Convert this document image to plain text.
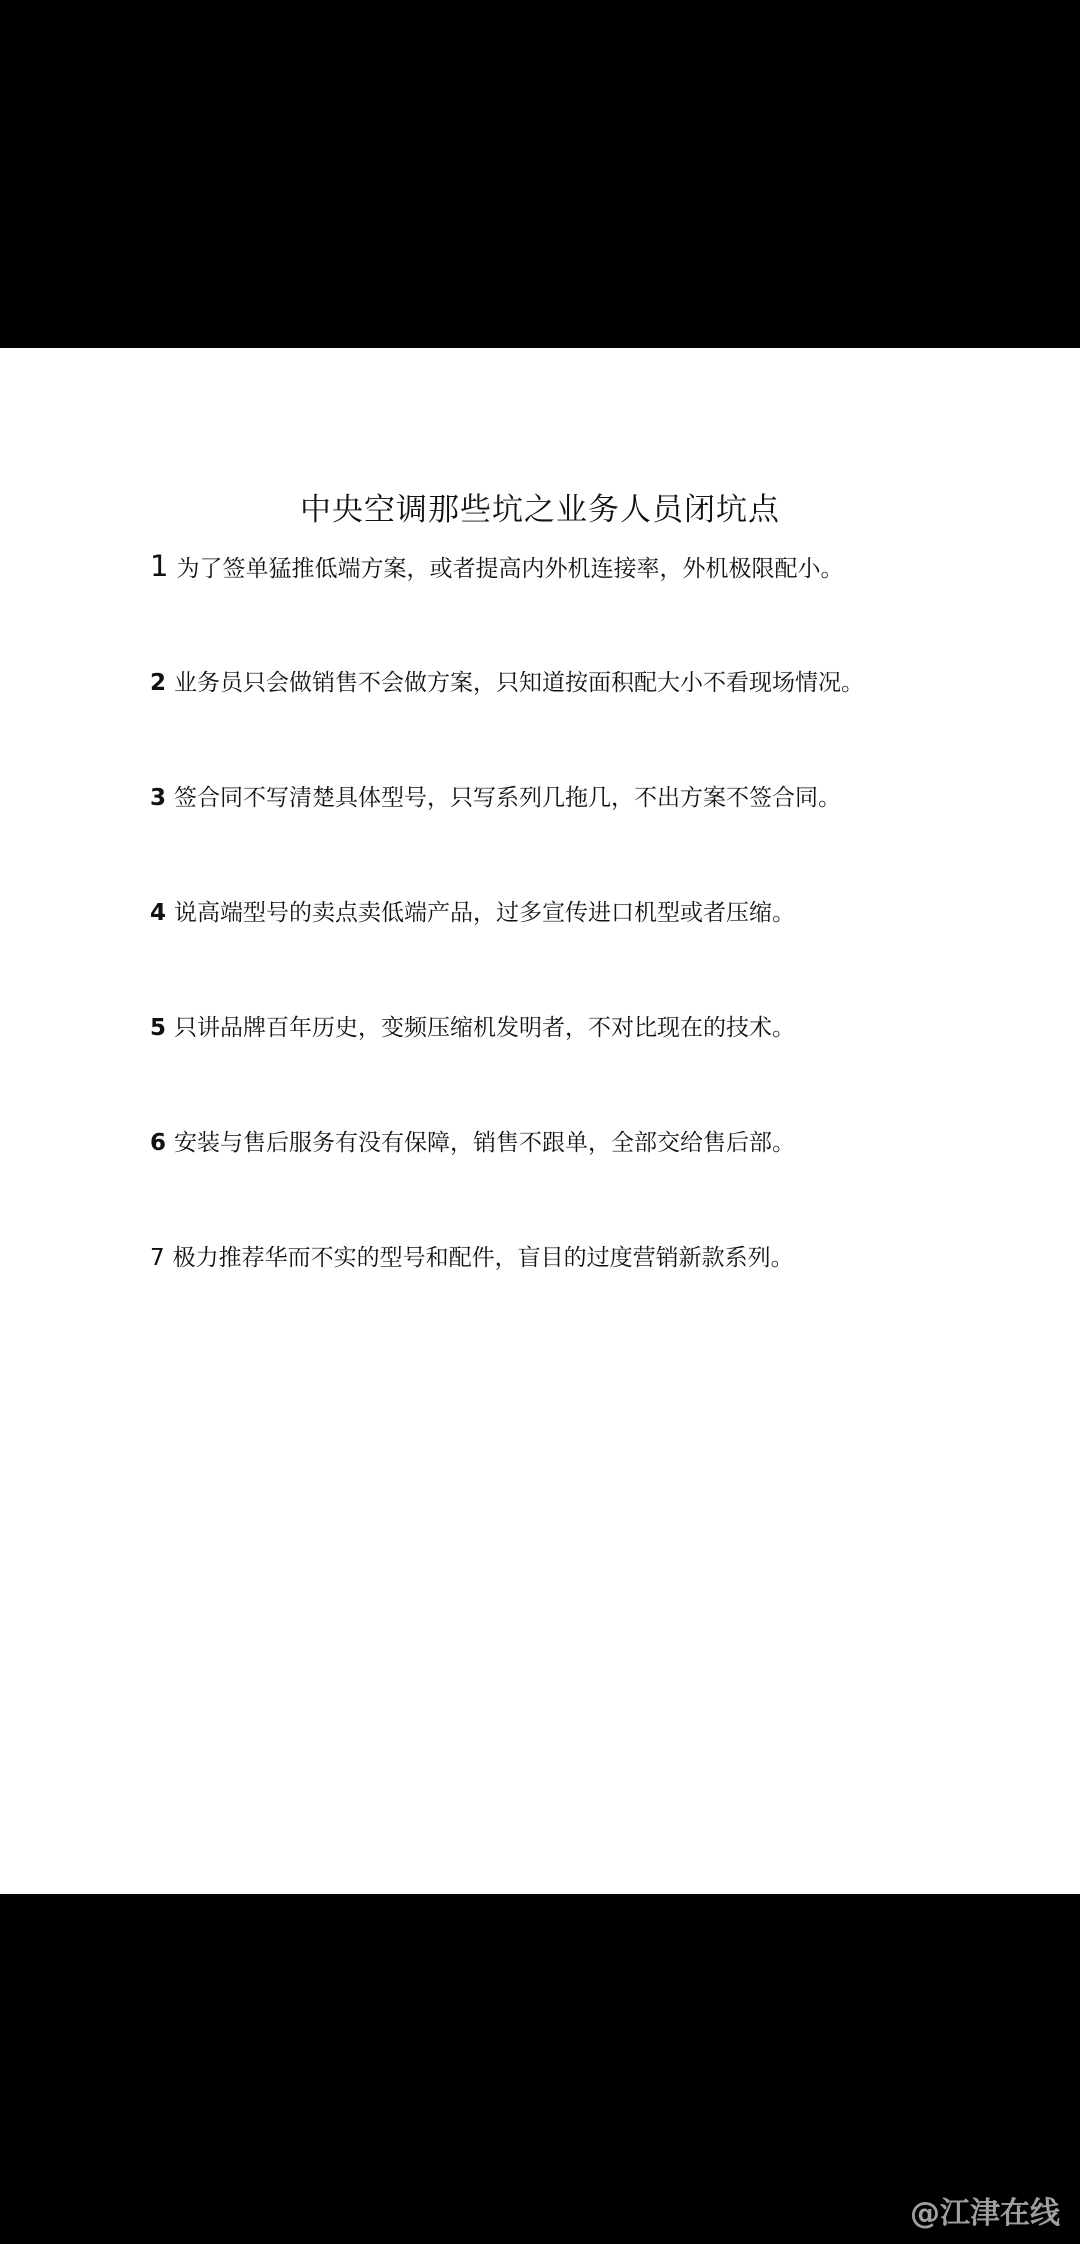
中央空调那些坑之业务人员闭坑点
1 为了签单猛推低端方案，或者提高内外机连接率，外机极限配小。
2 业务员只会做销售不会做方案，只知道按面积配大小不看现场情况。
3 签合同不写清楚具体型号，只写系列几拖几，不出方案不签合同。
4 说高端型号的卖点卖低端产品，过多宣传进口机型或者压缩。
5 只讲品牌百年历史，变频压缩机发明者，不对比现在的技术。
6 安装与售后服务有没有保障，销售不跟单，全部交给售后部。
7 极力推荐华而不实的型号和配件，盲目的过度营销新款系列。
@江津在线
